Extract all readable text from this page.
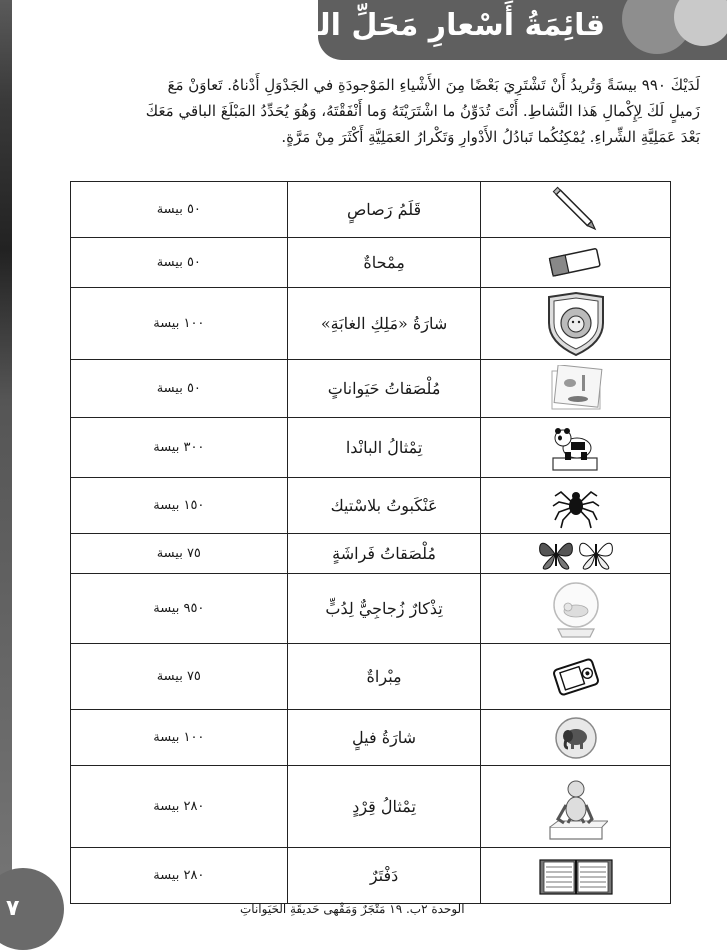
قائِمَةُ أَسْعارِ مَحَلِّ الهَدايا

لَدَيْكَ ٩٩٠ بيسَةً وَتُريدُ أَنْ تَشْتَرِيَ بَعْضًا مِنَ الأَشْياءِ المَوْجودَةِ في الجَدْوَلِ أَدْناهُ. تَعاوَنْ مَعَ

زَميلٍ لَكَ لِإِكْمالِ هَذا النَّشاطِ. أَنْتَ تُدَوِّنُ ما اشْتَرَيْتَهُ وَما أَنْفَقْتَهُ، وَهُوَ يُحَدِّدُ المَبْلَغَ الباقي مَعَكَ

بَعْدَ عَمَلِيَّةِ الشِّراءِ. يُمْكِنُكُما تَبادُلُ الأَدْوارِ وَتَكْرارُ العَمَلِيَّةِ أَكْثَرَ مِنْ مَرَّةٍ.

	قَلَمُ رَصاصٍ	٥٠ بيسة

	مِمْحاةٌ	٥٠ بيسة

	شارَةُ «مَلِكِ الغابَةِ»	١٠٠ بيسة

	مُلْصَقاتُ حَيَواناتٍ	٥٠ بيسة

	تِمْثالُ البانْدا	٣٠٠ بيسة

	عَنْكَبوتُ بلاسْتيك	١٥٠ بيسة

	مُلْصَقاتُ فَراشَةٍ	٧٥ بيسة

	تِذْكارٌ زُجاجِيٌّ لِدُبٍّ	٩٥٠ بيسة

	مِبْراةٌ	٧٥ بيسة

	شارَةُ فيلٍ	١٠٠ بيسة

	تِمْثالُ قِرْدٍ	٢٨٠ بيسة

	دَفْتَرٌ	٢٨٠ بيسة
٧	الوحدة ٢ب. ١٩ مَتْجَرٌ وَمَقْهى حَديقَةِ الحَيَواناتِ
